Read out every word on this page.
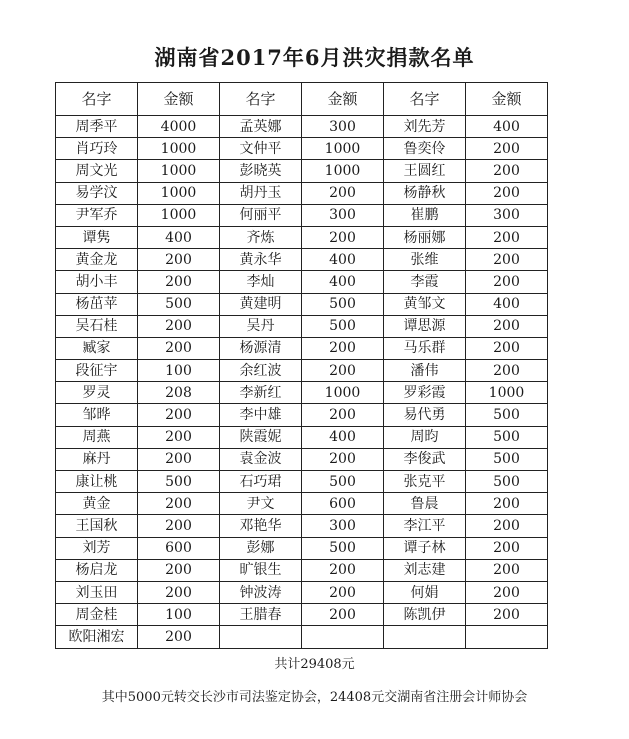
湖南省2017年6月洪灾捐款名单
名字	金额	名字	金额	名字	金额
周季平	4000	孟英娜	300	刘先芳	400
肖巧玲	1000	文仲平	1000	鲁奕伶	200
周文光	1000	彭晓英	1000	王圆红	200
易学汶	1000	胡丹玉	200	杨静秋	200
尹军乔	1000	何丽平	300	崔鹏	300
谭隽	400	齐炼	200	杨丽娜	200
黄金龙	200	黄永华	400	张维	200
胡小丰	200	李灿	400	李霞	200
杨茁苹	500	黄建明	500	黄邹文	400
吴石桂	200	吴丹	500	谭思源	200
臧家	200	杨源清	200	马乐群	200
段征宇	100	余红波	200	潘伟	200
罗灵	208	李新红	1000	罗彩霞	1000
邹晔	200	李中雄	200	易代勇	500
周燕	200	陕霞妮	400	周昀	500
麻丹	200	袁金波	200	李俊武	500
康让桃	500	石巧珺	500	张克平	500
黄金	200	尹文	600	鲁晨	200
王国秋	200	邓艳华	300	李江平	200
刘芳	600	彭娜	500	谭子林	200
杨启龙	200	旷银生	200	刘志建	200
刘玉田	200	钟波涛	200	何娟	200
周金桂	100	王腊春	200	陈凯伊	200
欧阳湘宏	200				
共计29408元
其中5000元转交长沙市司法鉴定协会，24408元交湖南省注册会计师协会
